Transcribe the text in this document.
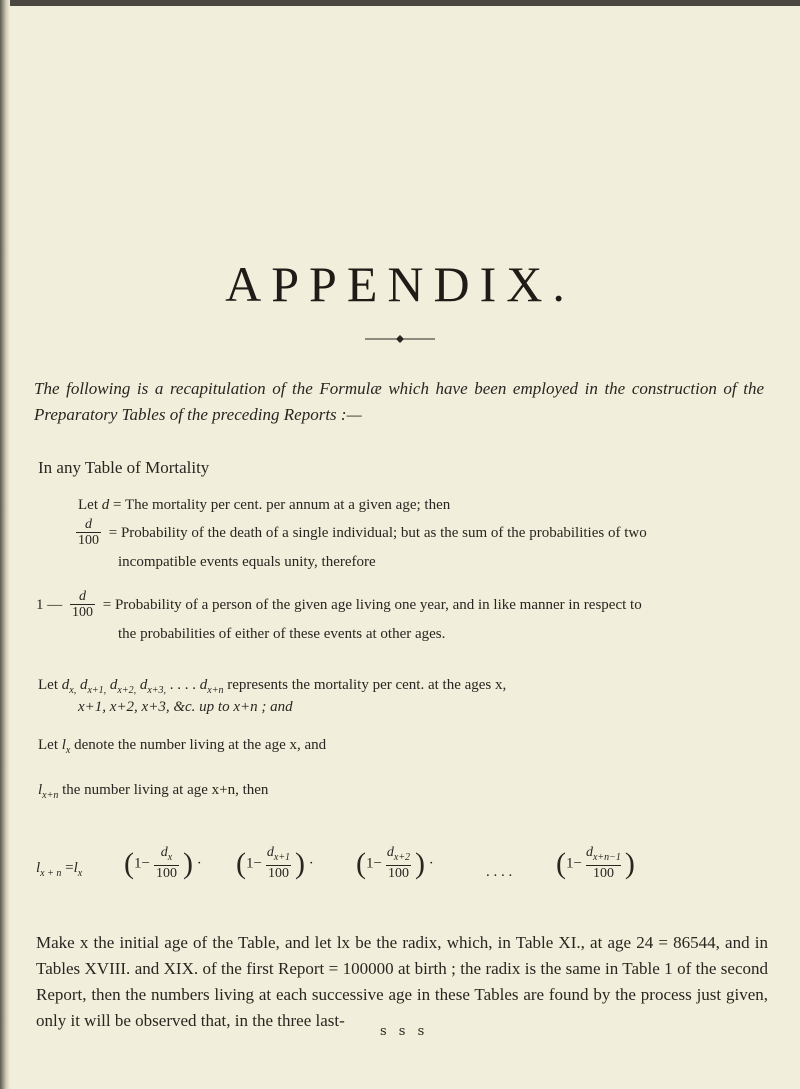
APPENDIX.
The following is a recapitulation of the Formulæ which have been employed in the construction of the Preparatory Tables of the preceding Reports :—
In any Table of Mortality
Let d = The mortality per cent. per annum at a given age; then
$\frac{d}{100}$ = Probability of the death of a single individual; but as the sum of the probabilities of two
incompatible events equals unity, therefore
1 — $\frac{d}{100}$ = Probability of a person of the given age living one year, and in like manner in respect to
the probabilities of either of these events at other ages.
Let $d_{x,}$ $d_{x+1,}$ $d_{x+2,}$ $d_{x+3,}$ . . . . $d_{x+n}$ represents the mortality per cent. at the ages x,
x+1, x+2, x+3, &c. up to x+n ; and
Let $l_x$ denote the number living at the age x, and
$l_{x+n}$ the number living at age x+n, then
$l_{x + n} =l_x$ ($1- \frac{d_x}{100}$ ) · ($1- \frac{d_{x+1}}{100}$ ) · ($1- \frac{d_{x+2}}{100}$ ) ·
. . . . ($1- \frac{d_{x+n-1}}{100}$ )
Make x the initial age of the Table, and let lx be the radix, which, in Table XI., at age 24 = 86544, and in Tables XVIII. and XIX. of the first Report = 100000 at birth ; the radix is the same in Table 1 of the second Report, then the numbers living at each successive age in these Tables are found by the process just given, only it will be observed that, in the three last-
s s s
